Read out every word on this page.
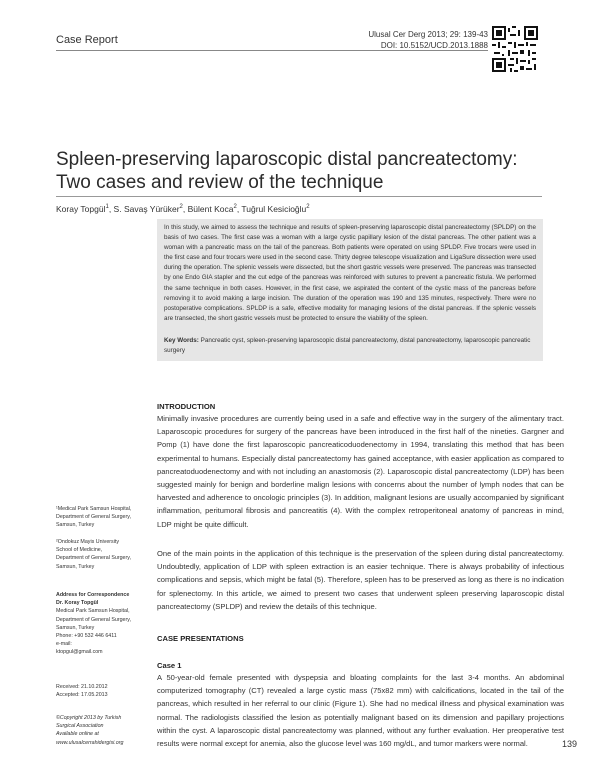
Case Report	Ulusal Cer Derg 2013; 29: 139-43
DOI: 10.5152/UCD.2013.1888
Spleen-preserving laparoscopic distal pancreatectomy:
Two cases and review of the technique
Koray Topgül$^1$, S. Savaş Yürüker$^2$, Bülent Koca$^2$, Tuğrul Kesicioğlu$^2$
In this study, we aimed to assess the technique and results of spleen-preserving laparoscopic distal pancreatectomy (SPLDP) on the basis of two cases. The first case was a woman with a large cystic papillary lesion of the distal pancreas. The other patient was a woman with a pancreatic mass on the tail of the pancreas. Both patients were operated on using SPLDP. Five trocars were used in the first case and four trocars were used in the second case. Thirty degree telescope visualization and LigaSure dissection were used during the operation. The splenic vessels were dissected, but the short gastric vessels were preserved. The pancreas was transected by one Endo GIA stapler and the cut edge of the pancreas was reinforced with sutures to prevent a pancreatic fistula. We performed the same technique in both cases. However, in the first case, we aspirated the content of the cystic mass of the pancreas before removing it to avoid making a large incision. The duration of the operation was 190 and 135 minutes, respectively. There were no postoperative complications. SPLDP is a safe, effective modality for managing lesions of the distal pancreas. If the splenic vessels are transected, the short gastric vessels must be protected to ensure the viability of the spleen.
Key Words: Pancreatic cyst, spleen-preserving laparoscopic distal pancreatectomy, distal pancreatectomy, laparoscopic pancreatic surgery
INTRODUCTION

Minimally invasive procedures are currently being used in a safe and effective way in the surgery of the alimentary tract. Laparoscopic procedures for surgery of the pancreas have been introduced in the first half of the nineties. Gargner and Pomp (1) have done the first laparoscopic pancreaticoduodenectomy in 1994, translating this method that has been experimental to humans. Especially distal pancreatectomy has gained acceptance, with easier application as compared to pancreatoduodenectomy and with not including an anastomosis (2). Laparoscopic distal pancreatectomy (LDP) has been suggested mainly for benign and borderline malign lesions with concerns about the number of lymph nodes that can be harvested and adherence to oncologic principles (3). In addition, malignant lesions are usually accompanied by significant inflammation, peritumoral fibrosis and pancreatitis (4). With the complex retroperitoneal anatomy of pancreas in mind, LDP might be quite difficult.

One of the main points in the application of this technique is the preservation of the spleen during distal pancreatectomy. Undoubtedly, application of LDP with spleen extraction is an easier technique. There is always probability of infectious complications and sepsis, which might be fatal (5). Therefore, spleen has to be preserved as long as there is no indication for splenectomy. In this article, we aimed to present two cases that underwent spleen preserving laparoscopic distal pancreatectomy (SPLDP) and review the details of this technique.

CASE PRESENTATIONS
Case 1

A 50-year-old female presented with dyspepsia and bloating complaints for the last 3-4 months. An abdominal computerized tomography (CT) revealed a large cystic mass (75x82 mm) with calcifications, located in the tail of the pancreas, which resulted in her referral to our clinic (Figure 1). She had no medical illness and physical examination was normal. The radiologists classified the lesion as potentially malignant based on its dimension and papillary projections within the cyst. A laparoscopic distal pancreatectomy was planned, without any further evaluation. Her preoperative test results were normal except for anemia, also the glucose level was 160 mg/dL, and tumor markers were normal.

¹Medical Park Samsun Hospital,
Department of General Surgery,
Samsun, Turkey
²Ondokuz Mayis University
School of Medicine,
Department of General Surgery,
Samsun, Turkey
Address for Correspondence
Dr. Koray Topgül
Medical Park Samsun Hospital,
Department of General Surgery,
Samsun, Turkey
Phone: +90 532 446 6411
e-mail:
ktopgul@gmail.com
Received: 21.10.2012
Accepted: 17.05.2013
©Copyright 2013 by Turkish
Surgical Association
Available online at
www.ulusalcerrahidergisi.org	139
